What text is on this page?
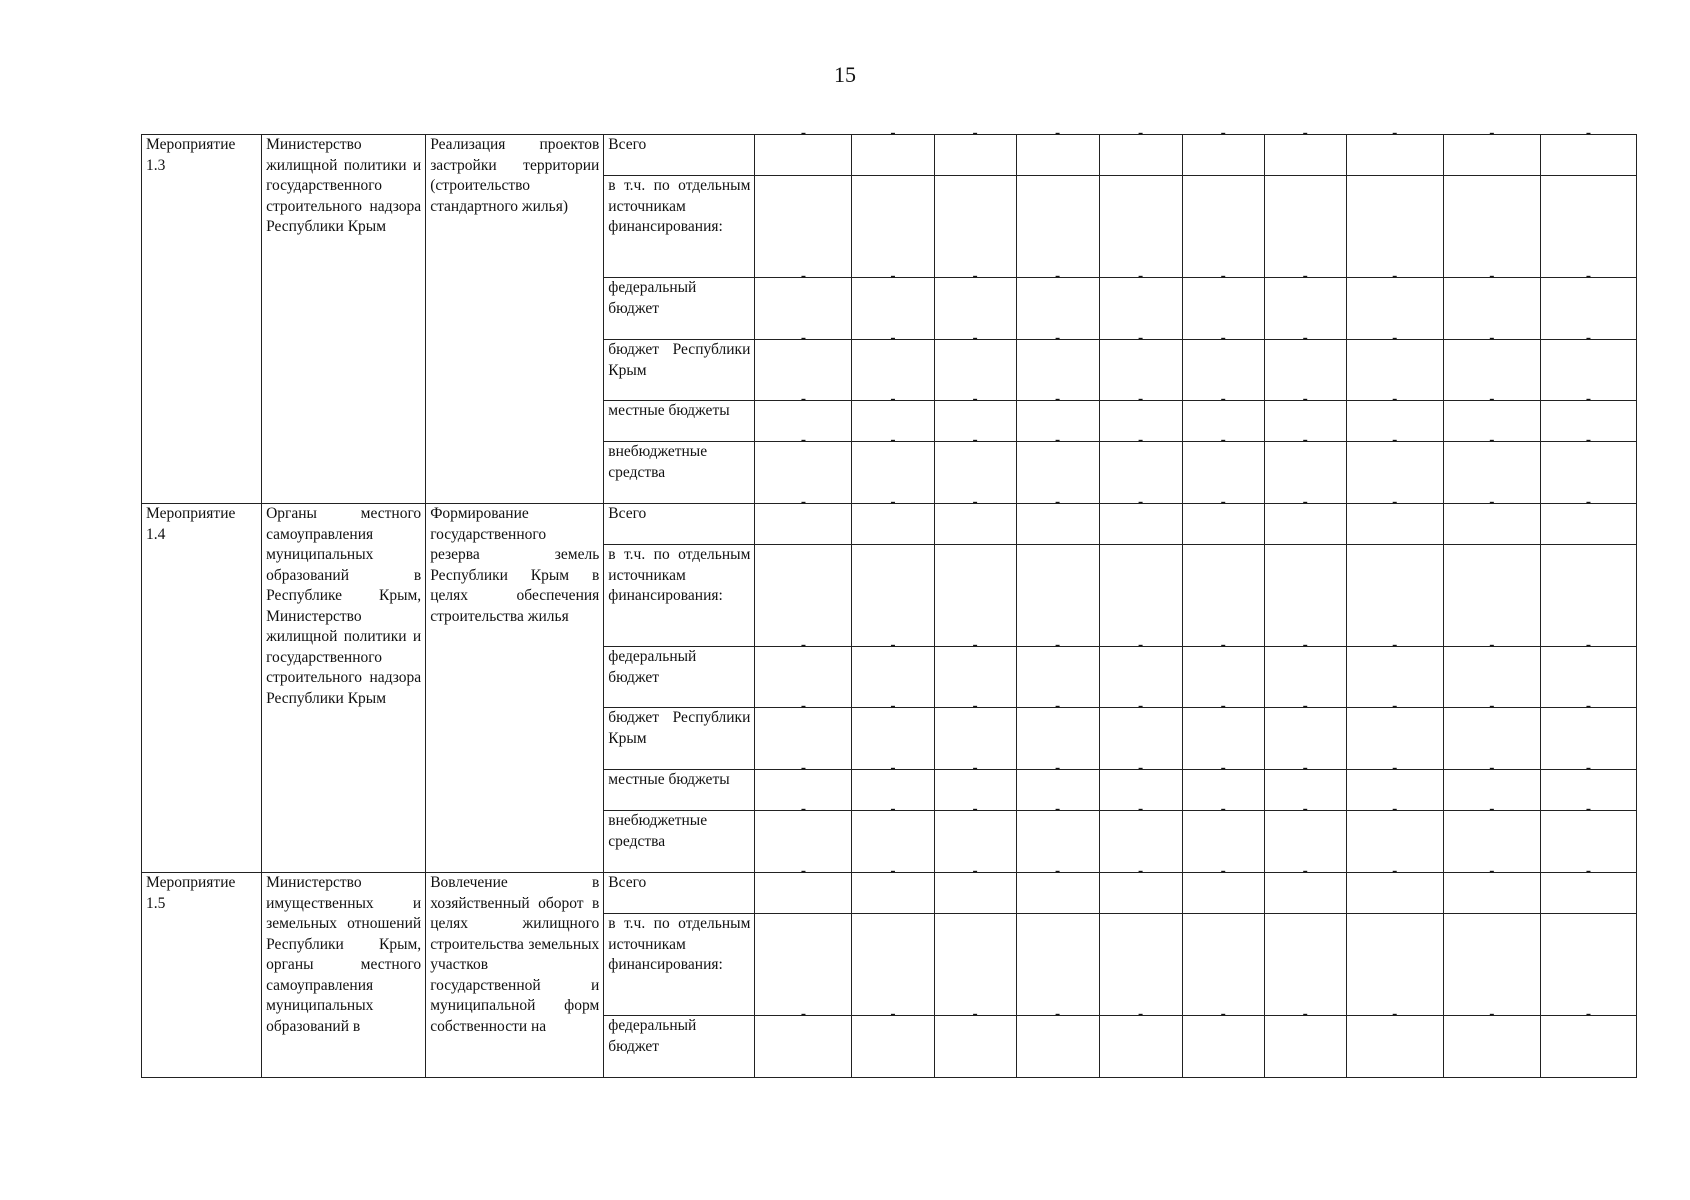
15
Мероприятие 1.3	Министерство жилищной политики и государственного строительного надзора Республики Крым	Реализация проектов застройки территории (строительство стандартного жилья)	Всего	-	-	-	-	-	-	-	-	-	-
			в т.ч. по отдельным источникам финансирования:										
			федеральный бюджет	-	-	-	-	-	-	-	-	-	-
			бюджет Республики Крым	-	-	-	-	-	-	-	-	-	-
			местные бюджеты	-	-	-	-	-	-	-	-	-	-
			внебюджетные средства	-	-	-	-	-	-	-	-	-	-
Мероприятие 1.4	Органы местного самоуправления муниципальных образований в Республике Крым, Министерство жилищной политики и государственного строительного надзора Республики Крым	Формирование государственного резерва земель Республики Крым в целях обеспечения строительства жилья	Всего	-	-	-	-	-	-	-	-	-	-
			в т.ч. по отдельным источникам финансирования:										
			федеральный бюджет	-	-	-	-	-	-	-	-	-	-
			бюджет Республики Крым	-	-	-	-	-	-	-	-	-	-
			местные бюджеты	-	-	-	-	-	-	-	-	-	-
			внебюджетные средства	-	-	-	-	-	-	-	-	-	-
Мероприятие 1.5	Министерство имущественных и земельных отношений Республики Крым, органы местного самоуправления муниципальных образований в	Вовлечение в хозяйственный оборот в целях жилищного строительства земельных участков государственной и муниципальной форм собственности на	Всего	-	-	-	-	-	-	-	-	-	-
			в т.ч. по отдельным источникам финансирования:										
			федеральный бюджет	-	-	-	-	-	-	-	-	-	-
